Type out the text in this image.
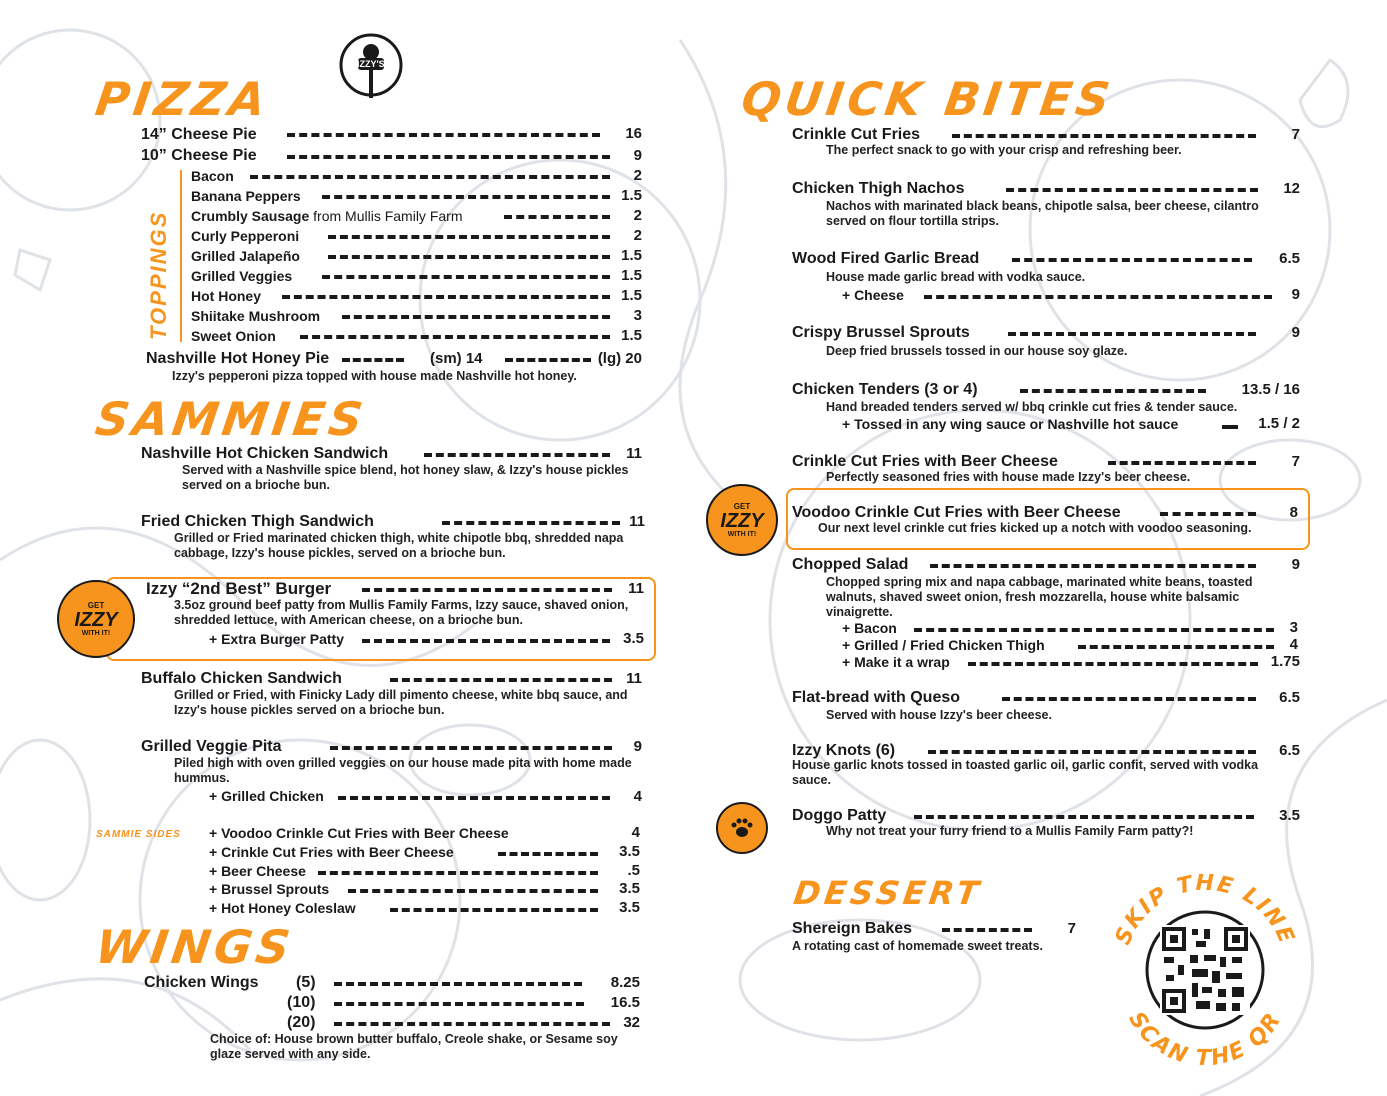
IZZY'S
PIZZA
14” Cheese Pie	16
10” Cheese Pie	9
TOPPINGS
Bacon	2
Banana Peppers	1.5
Crumbly Sausage from Mullis Family Farm	2
Curly Pepperoni	2
Grilled Jalapeño	1.5
Grilled Veggies	1.5
Hot Honey	1.5
Shiitake Mushroom	3
Sweet Onion	1.5
Nashville Hot Honey Pie	(sm) 14	(lg) 20
Izzy's pepperoni pizza topped with house made Nashville hot honey.
SAMMIES
Nashville Hot Chicken Sandwich	11
Served with a Nashville spice blend, hot honey slaw, & Izzy's house pickles served on a brioche bun.
Fried Chicken Thigh Sandwich	11
Grilled or Fried marinated chicken thigh, white chipotle bbq, shredded napa cabbage, Izzy's house pickles, served on a brioche bun.
GET
IZZY
WITH IT!
Izzy “2nd Best” Burger	11
3.5oz ground beef patty from Mullis Family Farms, Izzy sauce, shaved onion, shredded lettuce, with American cheese, on a brioche bun.
+ Extra Burger Patty	3.5
Buffalo Chicken Sandwich	11
Grilled or Fried, with Finicky Lady dill pimento cheese, white bbq sauce, and Izzy's house pickles served on a brioche bun.
Grilled Veggie Pita	9
Piled high with oven grilled veggies on our house made pita with home made hummus.
+ Grilled Chicken	4
SAMMIE SIDES + Voodoo Crinkle Cut Fries with Beer Cheese	4
+ Crinkle Cut Fries with Beer Cheese	3.5
+ Beer Cheese	.5
+ Brussel Sprouts	3.5
+ Hot Honey Coleslaw	3.5
WINGS
Chicken Wings (5)	8.25
(10)	16.5
(20)	32
Choice of: House brown butter buffalo, Creole shake, or Sesame soy glaze served with any side.
QUICK BITES
Crinkle Cut Fries	7
The perfect snack to go with your crisp and refreshing beer.
Chicken Thigh Nachos	12
Nachos with marinated black beans, chipotle salsa, beer cheese, cilantro served on flour tortilla strips.
Wood Fired Garlic Bread	6.5
House made garlic bread with vodka sauce.
+ Cheese	9
Crispy Brussel Sprouts	9
Deep fried brussels tossed in our house soy glaze.
Chicken Tenders (3 or 4)	13.5 / 16
Hand breaded tenders served w/ bbq crinkle cut fries & tender sauce.
+ Tossed in any wing sauce or Nashville hot sauce	1.5 / 2
Crinkle Cut Fries with Beer Cheese	7
Perfectly seasoned fries with house made Izzy's beer cheese.
GET
IZZY
WITH IT!
Voodoo Crinkle Cut Fries with Beer Cheese	8
Our next level crinkle cut fries kicked up a notch with voodoo seasoning.
Chopped Salad	9
Chopped spring mix and napa cabbage, marinated white beans, toasted walnuts, shaved sweet onion, fresh mozzarella, house white balsamic vinaigrette.
+ Bacon	3
+ Grilled / Fried Chicken Thigh	4
+ Make it a wrap	1.75
Flat-bread with Queso	6.5
Served with house Izzy's beer cheese.
Izzy Knots (6)	6.5
House garlic knots tossed in toasted garlic oil, garlic confit, served with vodka sauce.
Doggo Patty	3.5
Why not treat your furry friend to a Mullis Family Farm patty?!
DESSERT
Shereign Bakes	7
A rotating cast of homemade sweet treats.	SKIP THE LINE
SCAN THE QR
